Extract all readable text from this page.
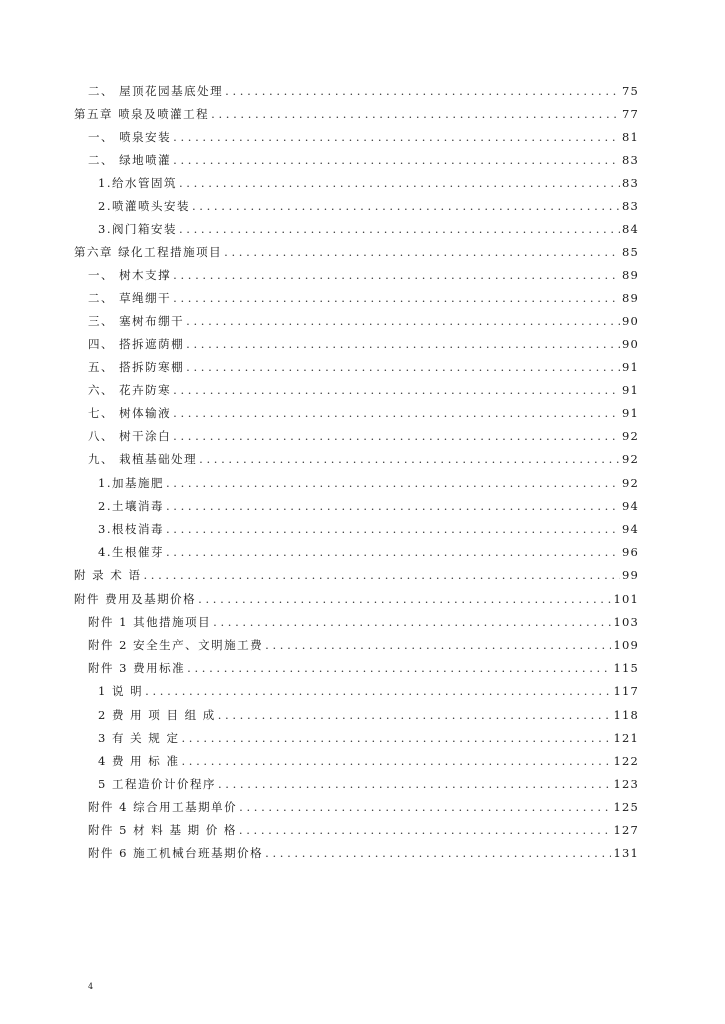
二、 屋顶花园基底处理 . . .	75
第五章 喷泉及喷灌工程 . . .	77
一、 喷泉安装 . . .	81
二、 绿地喷灌 . . .	83
1.给水管固筑 . . .	83
2.喷灌喷头安装 . . .	83
3.阀门箱安装 . . .	84
第六章 绿化工程措施项目 . . .	85
一、 树木支撑 . . .	89
二、 草绳绷干 . . .	89
三、 塞树布绷干 . . .	90
四、 搭拆遮荫棚 . . .	90
五、 搭拆防寒棚 . . .	91
六、 花卉防寒 . . .	91
七、 树体输液 . . .	91
八、 树干涂白 . . .	92
九、 栽植基础处理 . . .	92
1.加基施肥 . . .	92
2.土壤消毒 . . .	94
3.根枝消毒 . . .	94
4.生根催芽 . . .	96
附 录 术 语 . . .	99
附件 费用及基期价格 . . .	101
附件 1 其他措施项目 . . .	103
附件 2 安全生产、文明施工费 . . .	109
附件 3 费用标准 . . .	115
1 说 明 . . .	117
2 费 用 项 目 组 成 . . .	118
3 有 关 规 定 . . .	121
4 费 用 标 准 . . .	122
5 工程造价计价程序 . . .	123
附件 4 综合用工基期单价 . . .	125
附件 5 材 料 基 期 价 格 . . .	127
附件 6 施工机械台班基期价格 . . .	131
4
